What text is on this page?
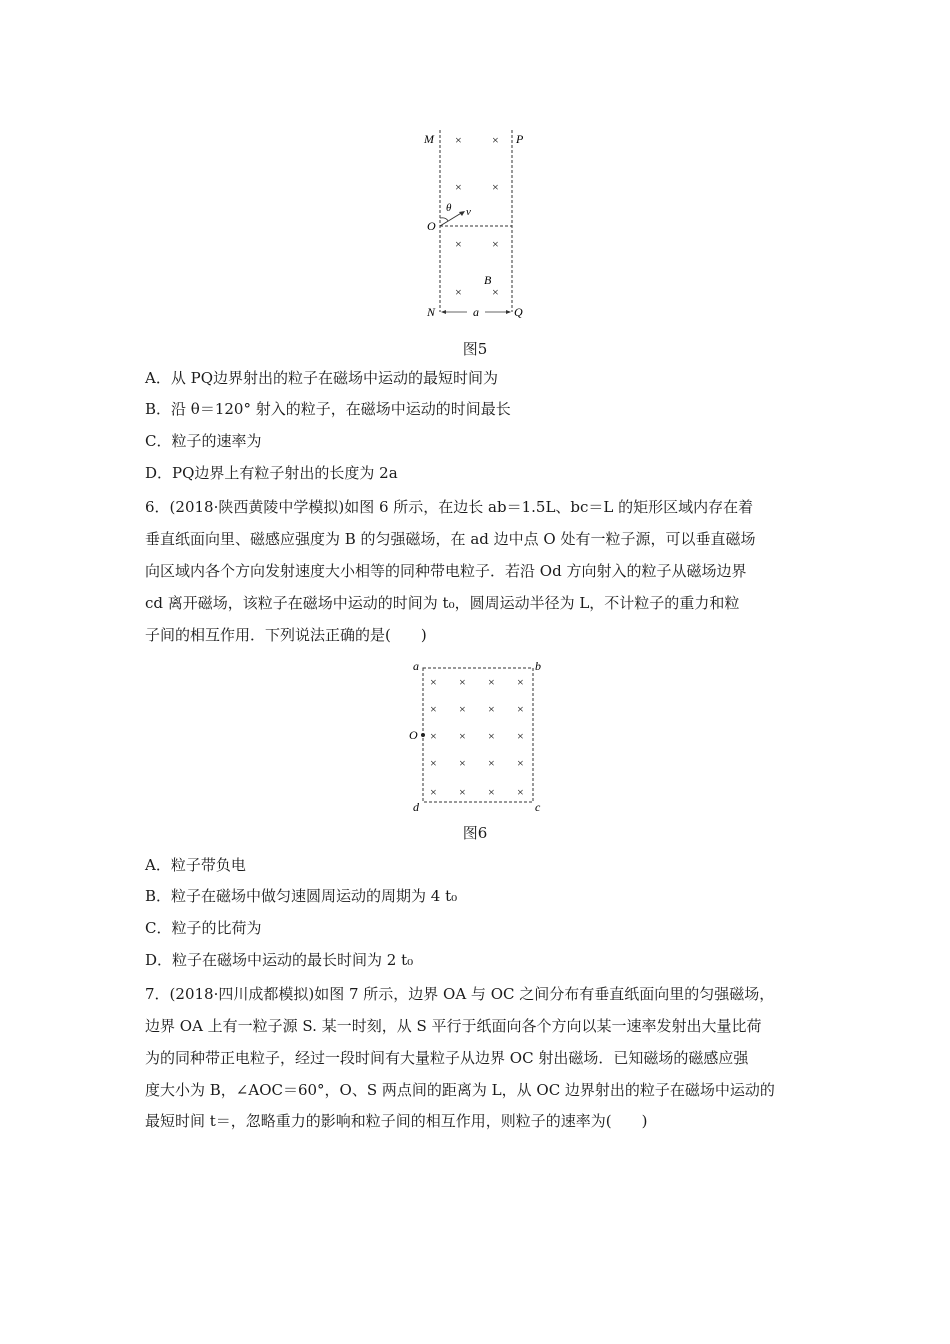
×	×
×	×
×	×
×	×
M	P
O
θ v
B
N	Q
a
图5
A．从 PQ边界射出的粒子在磁场中运动的最短时间为
B．沿 θ＝120° 射入的粒子，在磁场中运动的时间最长
C．粒子的速率为
D．PQ边界上有粒子射出的长度为 2a
6．(2018·陕西黄陵中学模拟)如图 6 所示，在边长 ab＝1.5L、bc＝L 的矩形区域内存在着
垂直纸面向里、磁感应强度为 B 的匀强磁场，在 ad 边中点 O 处有一粒子源，可以垂直磁场
向区域内各个方向发射速度大小相等的同种带电粒子．若沿 Od 方向射入的粒子从磁场边界
cd 离开磁场，该粒子在磁场中运动的时间为 t₀，圆周运动半径为 L，不计粒子的重力和粒
子间的相互作用．下列说法正确的是(　　)
× × × ×
× × × ×
× × × ×
× × × ×
× × × ×
a	b
O
d	c
图6
A．粒子带负电
B．粒子在磁场中做匀速圆周运动的周期为 4 t₀
C．粒子的比荷为
D．粒子在磁场中运动的最长时间为 2 t₀
7．(2018·四川成都模拟)如图 7 所示，边界 OA 与 OC 之间分布有垂直纸面向里的匀强磁场，
边界 OA 上有一粒子源 S. 某一时刻，从 S 平行于纸面向各个方向以某一速率发射出大量比荷
为的同种带正电粒子，经过一段时间有大量粒子从边界 OC 射出磁场．已知磁场的磁感应强
度大小为 B，∠AOC＝60°，O、S 两点间的距离为 L，从 OC 边界射出的粒子在磁场中运动的
最短时间 t＝，忽略重力的影响和粒子间的相互作用，则粒子的速率为(　　)
